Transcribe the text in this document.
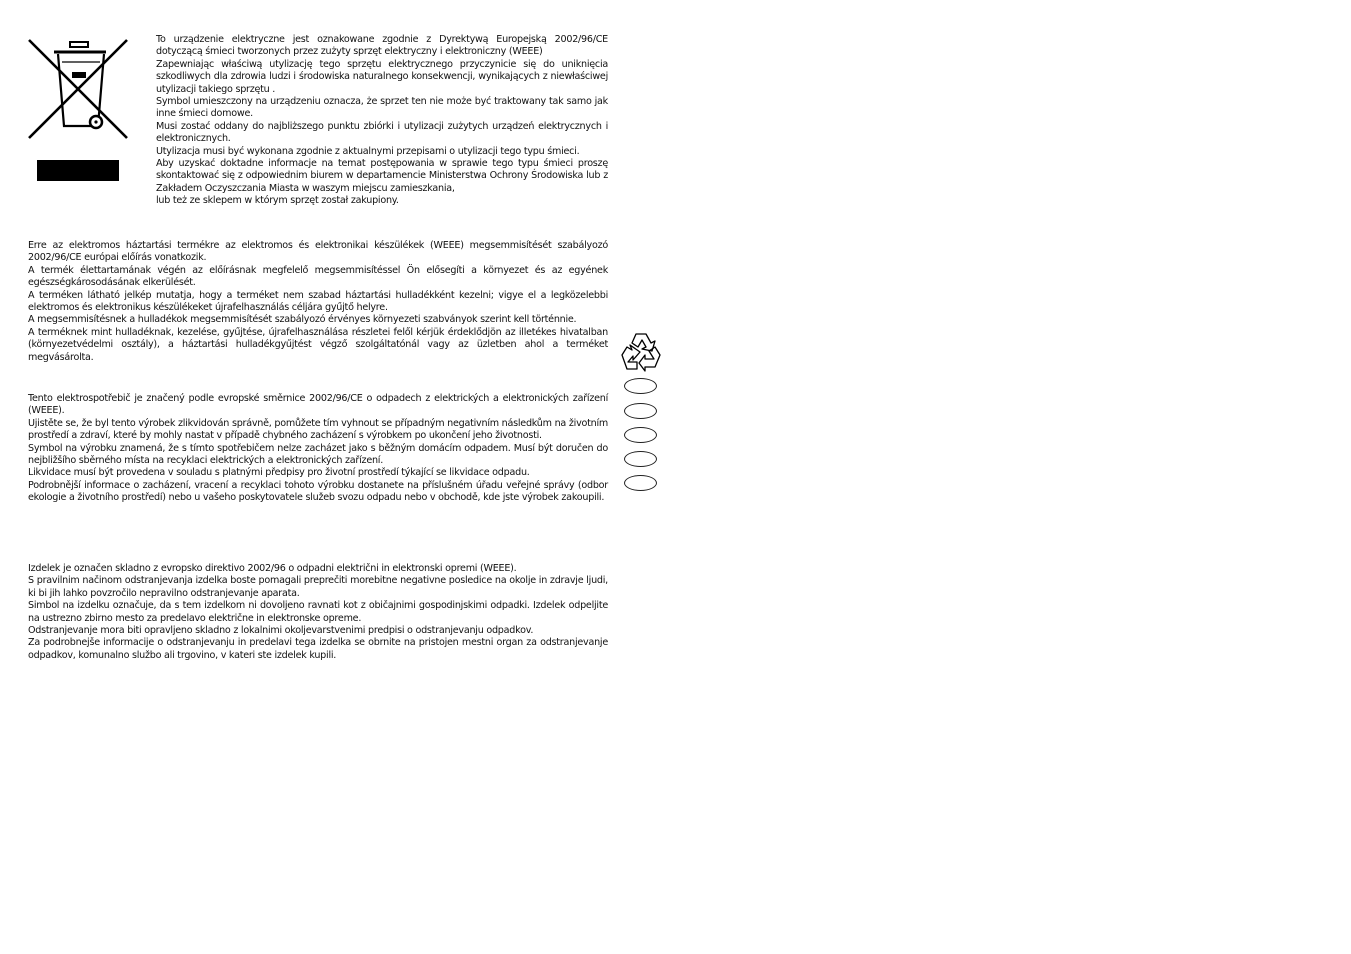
To urządzenie elektryczne jest oznakowane zgodnie z Dyrektywą Europejską 2002/96/CE dotyczącą śmieci tworzonych przez zużyty sprzęt elektryczny i elektroniczny (WEEE)

Zapewniając właściwą utylizację tego sprzętu elektrycznego przyczynicie się do uniknięcia szkodliwych dla zdrowia ludzi i środowiska naturalnego konsekwencji, wynikających z niewłaściwej utylizacji takiego sprzętu .

Symbol umieszczony na urządzeniu oznacza, że sprzet ten nie może być traktowany tak samo jak inne śmieci domowe.

Musi zostać oddany do najbliższego punktu zbiórki i utylizacji zużytych urządzeń elektrycznych i elektronicznych.

Utylizacja musi być wykonana zgodnie z aktualnymi przepisami o utylizacji tego typu śmieci.

Aby uzyskać doktadne informacje na temat postępowania w sprawie tego typu śmieci proszę skontaktować się z odpowiednim biurem w departamencie Ministerstwa Ochrony Środowiska lub z Zakładem Oczyszczania Miasta w waszym miejscu zamieszkania,

lub też ze sklepem w którym sprzęt został zakupiony.

Erre az elektromos háztartási termékre az elektromos és elektronikai készülékek (WEEE) megsemmisítését szabályozó 2002/96/CE európai előírás vonatkozik.

A termék élettartamának végén az előírásnak megfelelő megsemmisítéssel Ön elősegíti a környezet és az egyének egészségkárosodásának elkerülését.

A terméken látható jelkép mutatja, hogy a terméket nem szabad háztartási hulladékként kezelni; vigye el a legközelebbi elektromos és elektronikus készülékeket újrafelhasználás céljára gyűjtő helyre.

A megsemmisítésnek a hulladékok megsemmisítését szabályozó érvényes környezeti szabványok szerint kell történnie.

A terméknek mint hulladéknak, kezelése, gyűjtése, újrafelhasználása részletei felől kérjük érdeklődjön az illetékes hivatalban (környezetvédelmi osztály), a háztartási hulladékgyűjtést végző szolgáltatónál vagy az üzletben ahol a terméket megvásárolta.

Tento elektrospotřebič je značený podle evropské směrnice 2002/96/CE o odpadech z elektrických a elektronických zařízení (WEEE).

Ujistěte se, že byl tento výrobek zlikvidován správně, pomůžete tím vyhnout se případným negativním následkům na životním prostředí a zdraví, které by mohly nastat v případě chybného zacházení s výrobkem po ukončení jeho životnosti.

Symbol na výrobku znamená, že s tímto spotřebičem nelze zacházet jako s běžným domácím odpadem. Musí být doručen do nejbližšího sběrného místa na recyklaci elektrických a elektronických zařízení.

Likvidace musí být provedena v souladu s platnými předpisy pro životní prostředí týkající se likvidace odpadu.

Podrobnější informace o zacházení, vracení a recyklaci tohoto výrobku dostanete na příslušném úřadu veřejné správy (odbor ekologie a životního prostředí) nebo u vašeho poskytovatele služeb svozu odpadu nebo v obchodě, kde jste výrobek zakoupili.

Izdelek je označen skladno z evropsko direktivo 2002/96 o odpadni električni in elektronski opremi (WEEE).

S pravilnim načinom odstranjevanja izdelka boste pomagali preprečiti morebitne negativne posledice na okolje in zdravje ljudi, ki bi jih lahko povzročilo nepravilno odstranjevanje aparata.

Simbol na izdelku označuje, da s tem izdelkom ni dovoljeno ravnati kot z običajnimi gospodinjskimi odpadki. Izdelek odpeljite na ustrezno zbirno mesto za predelavo električne in elektronske opreme.

Odstranjevanje mora biti opravljeno skladno z lokalnimi okoljevarstvenimi predpisi o odstranjevanju odpadkov.

Za podrobnejše informacije o odstranjevanju in predelavi tega izdelka se obrnite na pristojen mestni organ za odstranjevanje odpadkov, komunalno službo ali trgovino, v kateri ste izdelek kupili.
